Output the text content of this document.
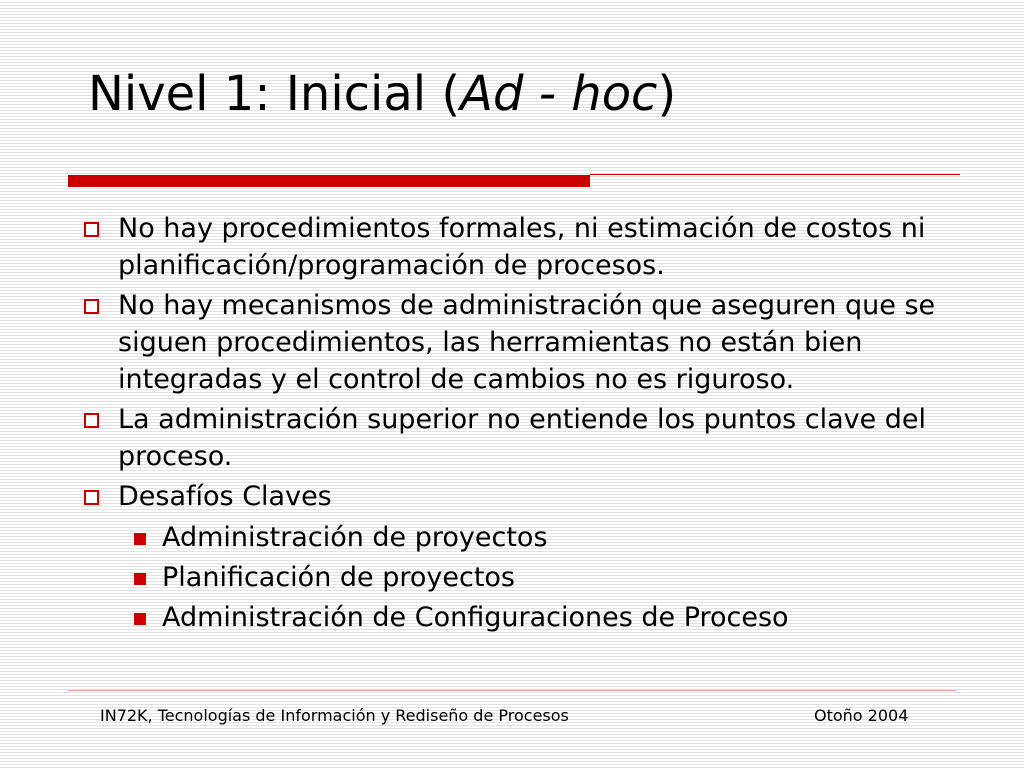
Nivel 1: Inicial (Ad - hoc)
No hay procedimientos formales, ni estimación de costos ni planificación/programación de procesos.
No hay mecanismos de administración que aseguren que se siguen procedimientos, las herramientas no están bien integradas y el control de cambios no es riguroso.
La administración superior no entiende los puntos clave del proceso.
Desafíos Claves
Administración de proyectos
Planificación de proyectos
Administración de Configuraciones de Proceso
IN72K, Tecnologías de Información y Rediseño de Procesos	Otoño 2004
